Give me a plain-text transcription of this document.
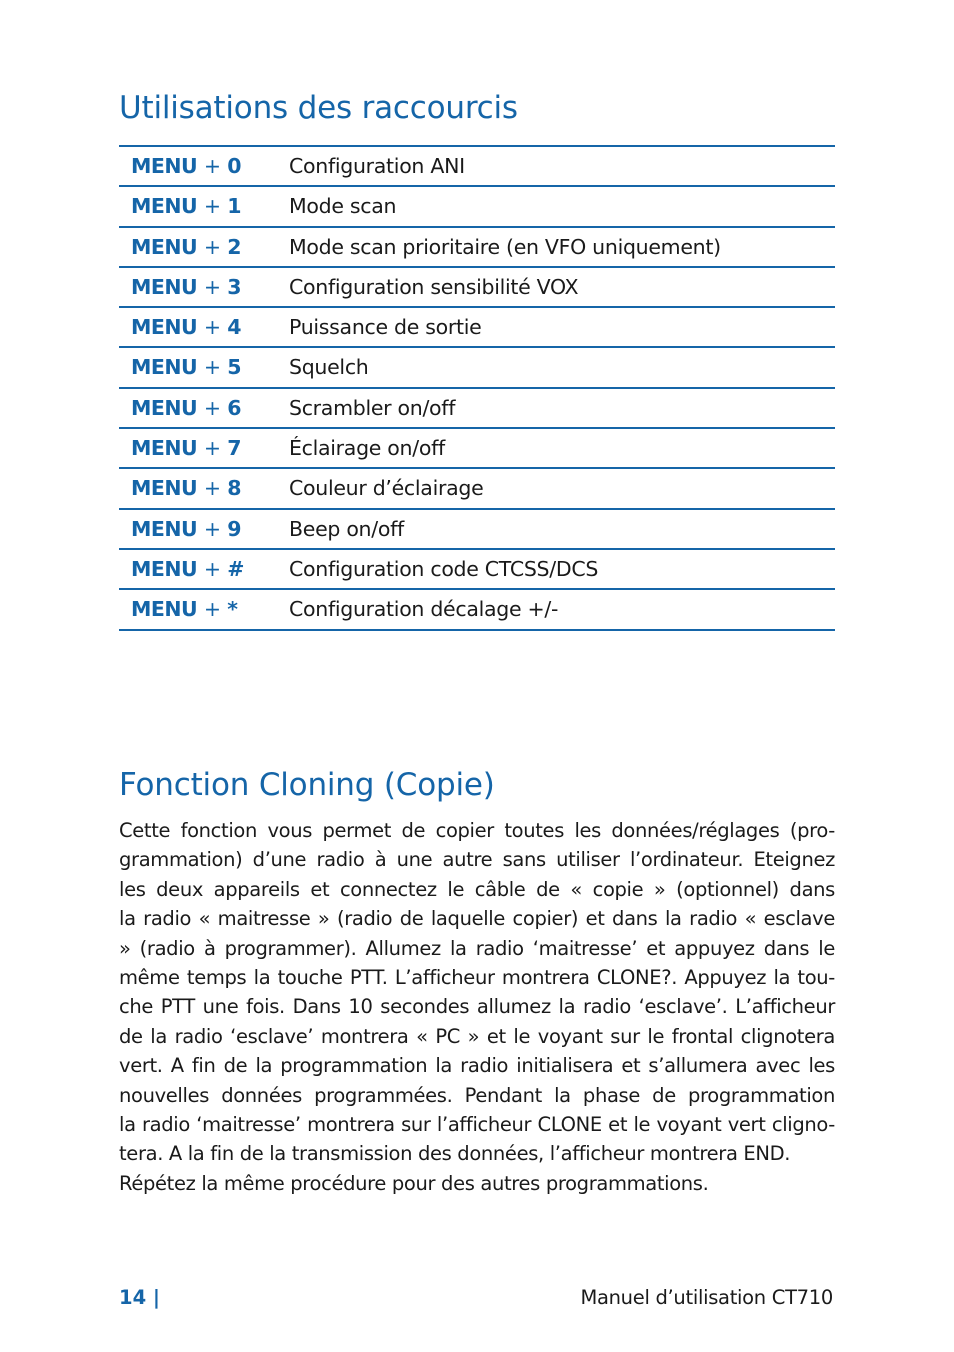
Utilisations des raccourcis
MENU + 0 Configuration ANI
MENU + 1 Mode scan
MENU + 2 Mode scan prioritaire (en VFO uniquement)
MENU + 3 Configuration sensibilité VOX
MENU + 4 Puissance de sortie
MENU + 5 Squelch
MENU + 6 Scrambler on/off
MENU + 7 Éclairage on/off
MENU + 8 Couleur d’éclairage
MENU + 9 Beep on/off
MENU + # Configuration code CTCSS/DCS
MENU + *	Configuration décalage +/-
Fonction Cloning (Copie)
Cette fonction vous permet de copier toutes les données/réglages (pro-
grammation) d’une radio à une autre sans utiliser l’ordinateur. Eteignez
les deux appareils et connectez le câble de « copie » (optionnel) dans
la radio « maitresse » (radio de laquelle copier) et dans la radio « esclave
» (radio à programmer). Allumez la radio ‘maitresse’ et appuyez dans le
même temps la touche PTT. L’afficheur montrera CLONE?. Appuyez la tou-
che PTT une fois. Dans 10 secondes allumez la radio ‘esclave’. L’afficheur
de la radio ‘esclave’ montrera « PC » et le voyant sur le frontal clignotera
vert. A fin de la programmation la radio initialisera et s’allumera avec les
nouvelles données programmées. Pendant la phase de programmation
la radio ‘maitresse’ montrera sur l’afficheur CLONE et le voyant vert cligno-
tera. A la fin de la transmission des données, l’afficheur montrera END.
Répétez la même procédure pour des autres programmations.
14 |	Manuel d’utilisation CT710
